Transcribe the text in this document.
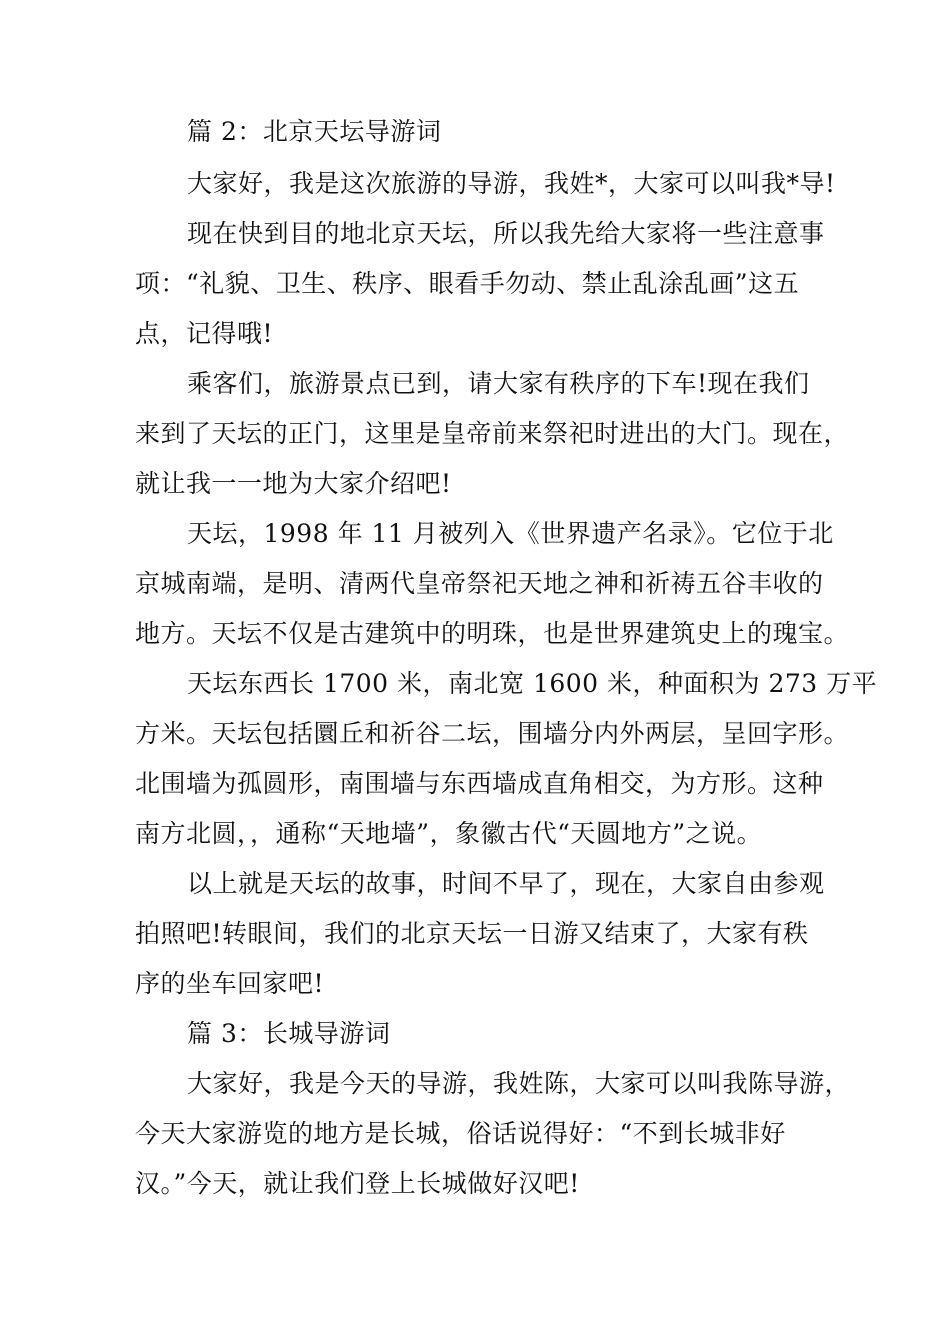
篇 2：北京天坛导游词
大家好，我是这次旅游的导游，我姓*，大家可以叫我*导!
现在快到目的地北京天坛，所以我先给大家将一些注意事
项：“礼貌、卫生、秩序、眼看手勿动、禁止乱涂乱画”这五
点，记得哦!
乘客们，旅游景点已到，请大家有秩序的下车!现在我们
来到了天坛的正门，这里是皇帝前来祭祀时进出的大门。现在，
就让我一一地为大家介绍吧!
天坛，1998 年 11 月被列入《世界遗产名录》。它位于北
京城南端，是明、清两代皇帝祭祀天地之神和祈祷五谷丰收的
地方。天坛不仅是古建筑中的明珠，也是世界建筑史上的瑰宝。
天坛东西长 1700 米，南北宽 1600 米，种面积为 273 万平
方米。天坛包括圜丘和祈谷二坛，围墙分内外两层，呈回字形。
北围墙为孤圆形，南围墙与东西墙成直角相交，为方形。这种
南方北圆，，通称“天地墙”，象徽古代“天圆地方”之说。
以上就是天坛的故事，时间不早了，现在，大家自由参观
拍照吧!转眼间，我们的北京天坛一日游又结束了，大家有秩
序的坐车回家吧!
篇 3：长城导游词
大家好，我是今天的导游，我姓陈，大家可以叫我陈导游，
今天大家游览的地方是长城，俗话说得好：“不到长城非好
汉。”今天，就让我们登上长城做好汉吧!
